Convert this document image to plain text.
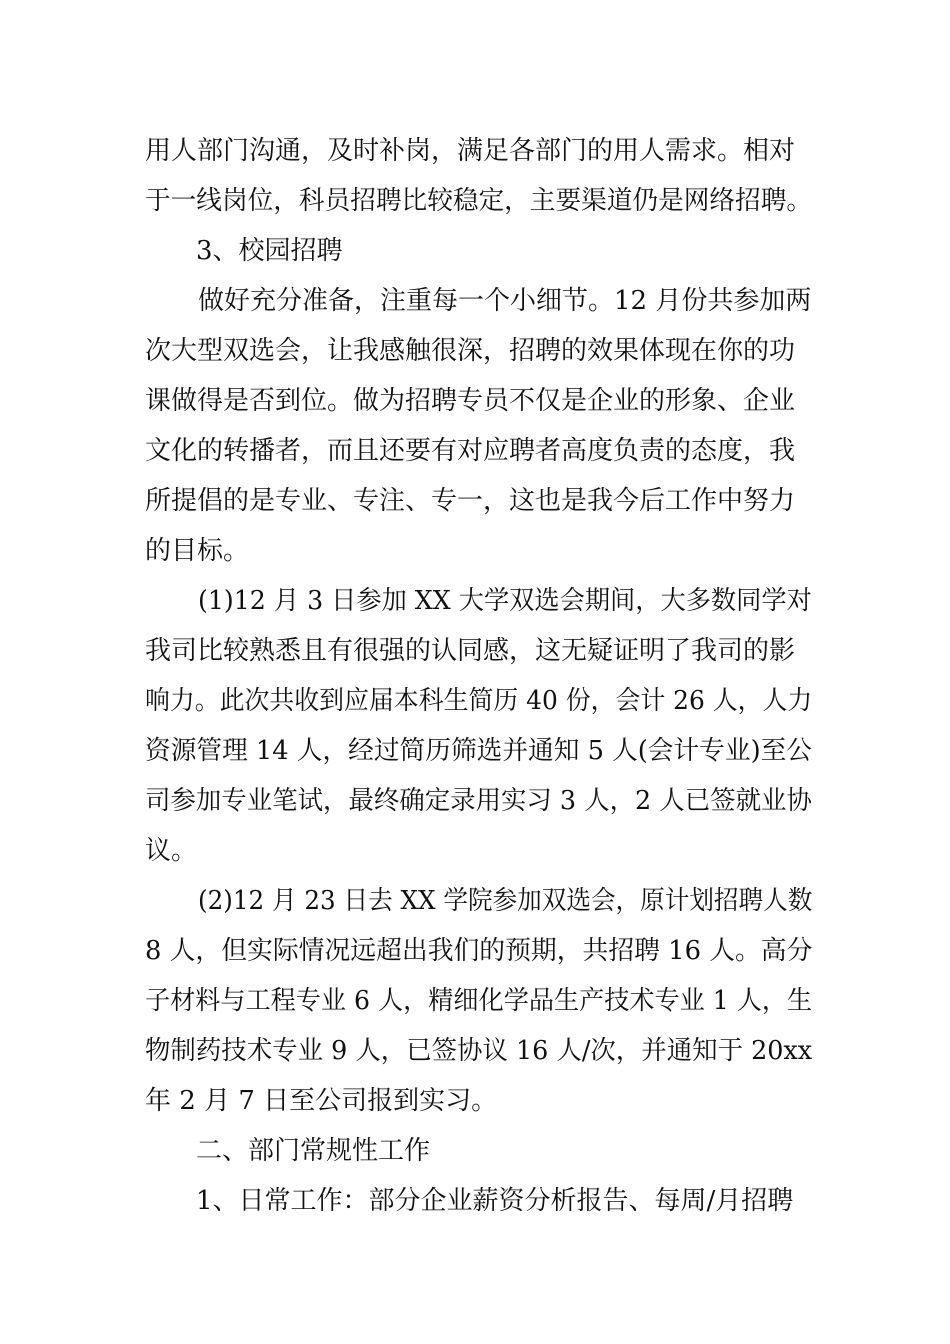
用人部门沟通，及时补岗，满足各部门的用人需求。相对
于一线岗位，科员招聘比较稳定，主要渠道仍是网络招聘。
3、校园招聘
做好充分准备，注重每一个小细节。12 月份共参加两
次大型双选会，让我感触很深，招聘的效果体现在你的功
课做得是否到位。做为招聘专员不仅是企业的形象、企业
文化的转播者，而且还要有对应聘者高度负责的态度，我
所提倡的是专业、专注、专一，这也是我今后工作中努力
的目标。
(1)12 月 3 日参加 XX 大学双选会期间，大多数同学对
我司比较熟悉且有很强的认同感，这无疑证明了我司的影
响力。此次共收到应届本科生简历 40 份，会计 26 人，人力
资源管理 14 人，经过简历筛选并通知 5 人(会计专业)至公
司参加专业笔试，最终确定录用实习 3 人，2 人已签就业协
议。
(2)12 月 23 日去 XX 学院参加双选会，原计划招聘人数
8 人，但实际情况远超出我们的预期，共招聘 16 人。高分
子材料与工程专业 6 人，精细化学品生产技术专业 1 人，生
物制药技术专业 9 人，已签协议 16 人/次，并通知于 20xx
年 2 月 7 日至公司报到实习。
二、部门常规性工作
1、日常工作：部分企业薪资分析报告、每周/月招聘
